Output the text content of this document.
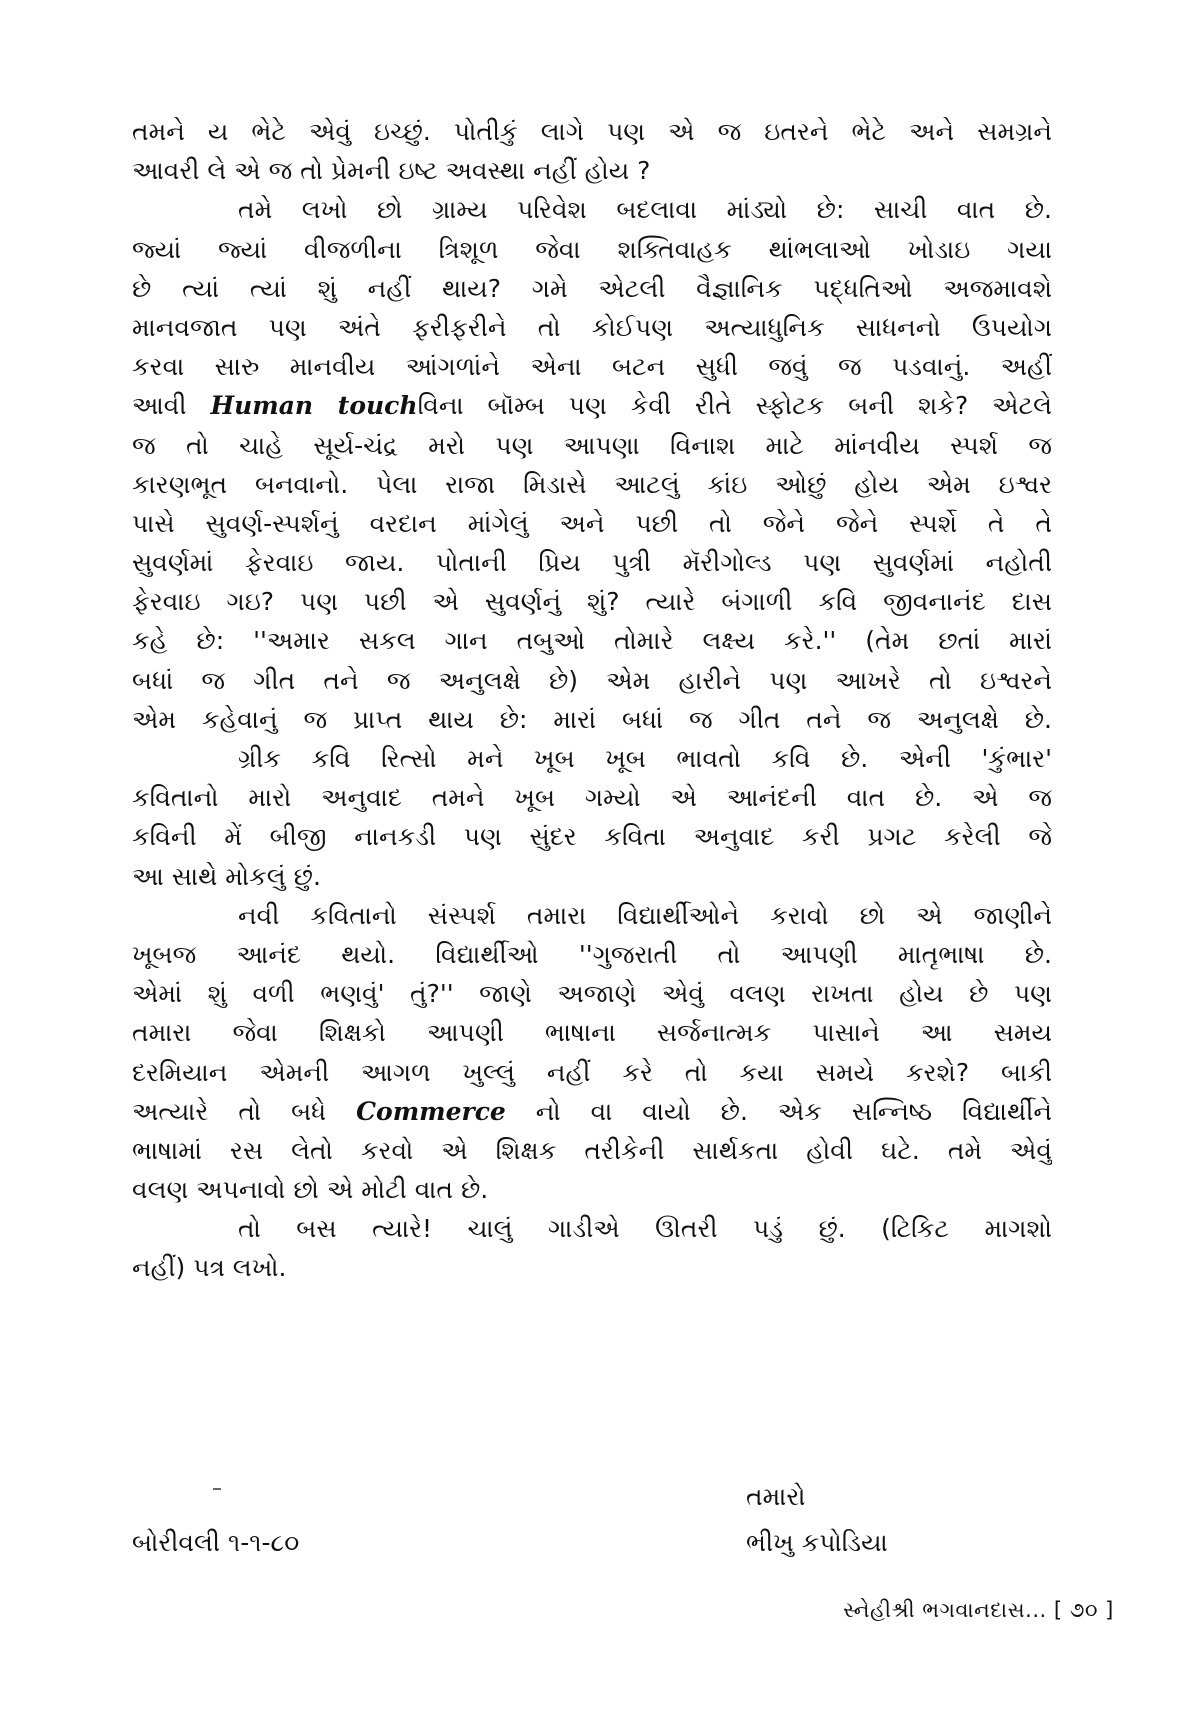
તમને ય ભેટે એવું ઇચ્છું. પોતીકું લાગે પણ એ જ ઇતરને ભેટે અને સમગ્રને
આવરી લે એ જ તો પ્રેમની ઇષ્ટ અવસ્થા નહીં હોય ?
તમે લખો છો ગ્રામ્ય પરિવેશ બદલાવા માંડ્યો છે: સાચી વાત છે.
જ્યાં જ્યાં વીજળીના ત્રિશૂળ જેવા શક્તિવાહક થાંભલાઓ ખોડાઇ ગયા
છે ત્યાં ત્યાં શું નહીં થાય? ગમે એટલી વૈજ્ઞાનિક પદ્ધતિઓ અજમાવશે
માનવજાત પણ અંતે ફરીફરીને તો કોઈપણ અત્યાધુનિક સાધનનો ઉપયોગ
કરવા સારુ માનવીય આંગળાંને એના બટન સુધી જવું જ પડવાનું. અહીં
આવી Human touchવિના બૉમ્બ પણ કેવી રીતે સ્ફોટક બની શકે? એટલે
જ તો ચાહે સૂર્ય-ચંદ્ર મરો પણ આપણા વિનાશ માટે માંનવીય સ્પર્શ જ
કારણભૂત બનવાનો. પેલા રાજા મિડાસે આટલું કાંઇ ઓછું હોય એમ ઇશ્વર
પાસે સુવર્ણ-સ્પર્શનું વરદાન માંગેલું અને પછી તો જેને જેને સ્પર્શે તે તે
સુવર્ણમાં ફેરવાઇ જાય. પોતાની પ્રિય પુત્રી મૅરીગોલ્ડ પણ સુવર્ણમાં નહોતી
ફેરવાઇ ગઇ? પણ પછી એ સુવર્ણનું શું? ત્યારે બંગાળી કવિ જીવનાનંદ દાસ
કહે છે: ''અમાર સકલ ગાન તબુઓ તોમારે લક્ષ્ય કરે.'' (તેમ છતાં મારાં
બધાં જ ગીત તને જ અનુલક્ષે છે) એમ હારીને પણ આખરે તો ઇશ્વરને
એમ કહેવાનું જ પ્રાપ્ત થાય છે: મારાં બધાં જ ગીત તને જ અનુલક્ષે છે.
ગ્રીક કવિ રિત્સો મને ખૂબ ખૂબ ભાવતો કવિ છે. એની 'કુંભાર'
કવિતાનો મારો અનુવાદ તમને ખૂબ ગમ્યો એ આનંદની વાત છે. એ જ
કવિની મેં બીજી નાનકડી પણ સુંદર કવિતા અનુવાદ કરી પ્રગટ કરેલી જે
આ સાથે મોકલું છું.
નવી કવિતાનો સંસ્પર્શ તમારા વિદ્યાર્થીઓને કરાવો છો એ જાણીને
ખૂબજ આનંદ થયો. વિદ્યાર્થીઓ ''ગુજરાતી તો આપણી માતૃભાષા છે.
એમાં શું વળી ભણવું' તું?'' જાણે અજાણે એવું વલણ રાખતા હોય છે પણ
તમારા જેવા શિક્ષકો આપણી ભાષાના સર્જનાત્મક પાસાને આ સમય
દરમિયાન એમની આગળ ખુલ્લું નહીં કરે તો કયા સમયે કરશે? બાકી
અત્યારે તો બધે Commerce નો વા વાયો છે. એક સન્નિષ્ઠ વિદ્યાર્થીને
ભાષામાં રસ લેતો કરવો એ શિક્ષક તરીકેની સાર્થકતા હોવી ઘટે. તમે એવું
વલણ અપનાવો છો એ મોટી વાત છે.
તો બસ ત્યારે! ચાલું ગાડીએ ઊતરી પડું છું. (ટિકિટ માગશો
નહીં) પત્ર લખો.
તમારો
બોરીવલી ૧-૧-૮૦	ભીખુ કપોડિયા
સ્નેહીશ્રી ભગવાનદાસ... [ ૭૦ ]
